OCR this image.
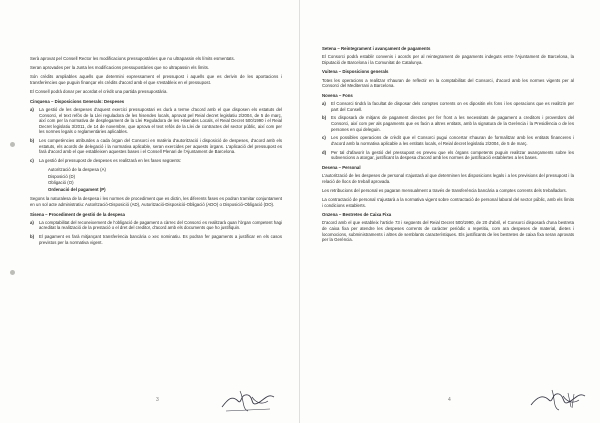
Serà aprovat pel Consell Rector les modificacions pressupostàries que no ultrapassin els límits esmentats.

Seran aprovades per la Junta les modificacions pressupostàries que no ultrapassin els límits.

Són crèdits ampliables aquells que determini expressament el pressupost i aquells que es derivin de les aportacions i transferències que puguin finançar els crèdits d'acord amb el que s'estableix en el pressupost.

El Consell podrà donar per acordat el crèdit una partida pressupostària.

Cinquena – Disposicions Generals: Despeses
a)	La gestió de les despeses d'aquest exercici pressupostari es durà a terme d'acord amb el que disposen els estatuts del Consorci, el text refós de la Llei reguladora de les hisendes locals, aprovat pel Reial decret legislatiu 2/2004, de 5 de març, així com per la normativa de desplegament de la Llei Reguladora de les Hisendes Locals, el Reial Decret 500/1990 i el Reial Decret legislatiu 3/2011, de 14 de novembre, que aprova el text refós de la Llei de contractes del sector públic, així com per les normes legals o reglamentàries aplicables.
b)	Les competències atribuïdes a cada òrgan del Consorci en matèria d'autorització i disposició de despeses, d'acord amb els estatuts, els acords de delegació i la normativa aplicable, seran exercides per aquests òrgans. L'aplicació del pressupost es farà d'acord amb el que estableixen aquestes bases i el Consell Plenari de l'Ajuntament de Barcelona.
c)	La gestió del pressupost de despeses es realitzarà en les fases següents:
Autorització de la despesa (A)
Disposició (D)
Obligació (O)
Ordenació del pagament (P)

Segons la naturalesa de la despesa i les normes de procediment que es dictin, les diferents fases es podran tramitar conjuntament en un sol acte administratiu: Autorització-Disposició (AD), Autorització-Disposició-Obligació (ADO) o Disposició-Obligació (DO).

Sisena – Procediment de gestió de la despesa
a)	La comptabilitat del reconeixement de l'obligació de pagament a càrrec del Consorci es realitzarà quan l'òrgan competent hagi acreditat la realització de la prestació o el dret del creditor, d'acord amb els documents que ho justifiquin.
b)	El pagament es farà mitjançant transferència bancària o xec nominatiu. Es podran fer pagaments a justificar en els casos previstos per la normativa vigent.
3
Setena – Reintegrament i avançament de pagaments

El Consorci podrà establir convenis i acords per al reintegrament de pagaments indeguts entre l'Ajuntament de Barcelona, la Diputació de Barcelona i la Comunitat de Catalunya.

Vuitena – Disposicions generals

Totes les operacions a realitzar s'hauran de reflectir en la comptabilitat del Consorci, d'acord amb les normes vigents per al Consorci del Mediterrani a Barcelona.

Novena – Fons
a)	El Consorci tindrà la facultat de disposar dels comptes corrents on es dipositin els fons i les operacions que es realitzin per part del Consell.
b)	Es disposarà de mitjans de pagament directes per fer front a les necessitats de pagament a creditors i proveïdors del Consorci, així com per als pagaments que es facin a altres entitats, amb la signatura de la Gerència i la Presidència o de les persones en qui deleguin.
c)	Les possibles operacions de crèdit que el Consorci pugui concertar s'hauran de formalitzar amb les entitats financeres i d'acord amb la normativa aplicable a les entitats locals, el Reial decret legislatiu 2/2004, de 5 de març.
d)	Per tal d'afavorir la gestió del pressupost es preveu que els òrgans competents puguin realitzar avançaments sobre les subvencions a atorgar, justificant la despesa d'acord amb les normes de justificació establertes a les bases.
Desena – Personal

L'autorització de les despeses de personal s'ajustarà al que determinen les disposicions legals i a les previsions del pressupost i la relació de llocs de treball aprovada.

Les retribucions del personal es pagaran mensualment a través de transferència bancària a comptes corrents dels treballadors.

La contractació de personal s'ajustarà a la normativa vigent sobre contractació de personal laboral del sector públic, amb els límits i condicions establerts.

Onzena – Bestretes de Caixa Fixa

D'acord amb el que estableix l'article 73 i següents del Reial Decret 500/1990, de 20 d'abril, el Consorci disposarà d'una bestreta de caixa fixa per atendre les despeses corrents de caràcter periòdic o repetitiu, com ara despeses de material, dietes i locomocions, subministraments i altres de semblants característiques. Els justificants de les bestretes de caixa fixa seran aprovats per la Gerència.

4
